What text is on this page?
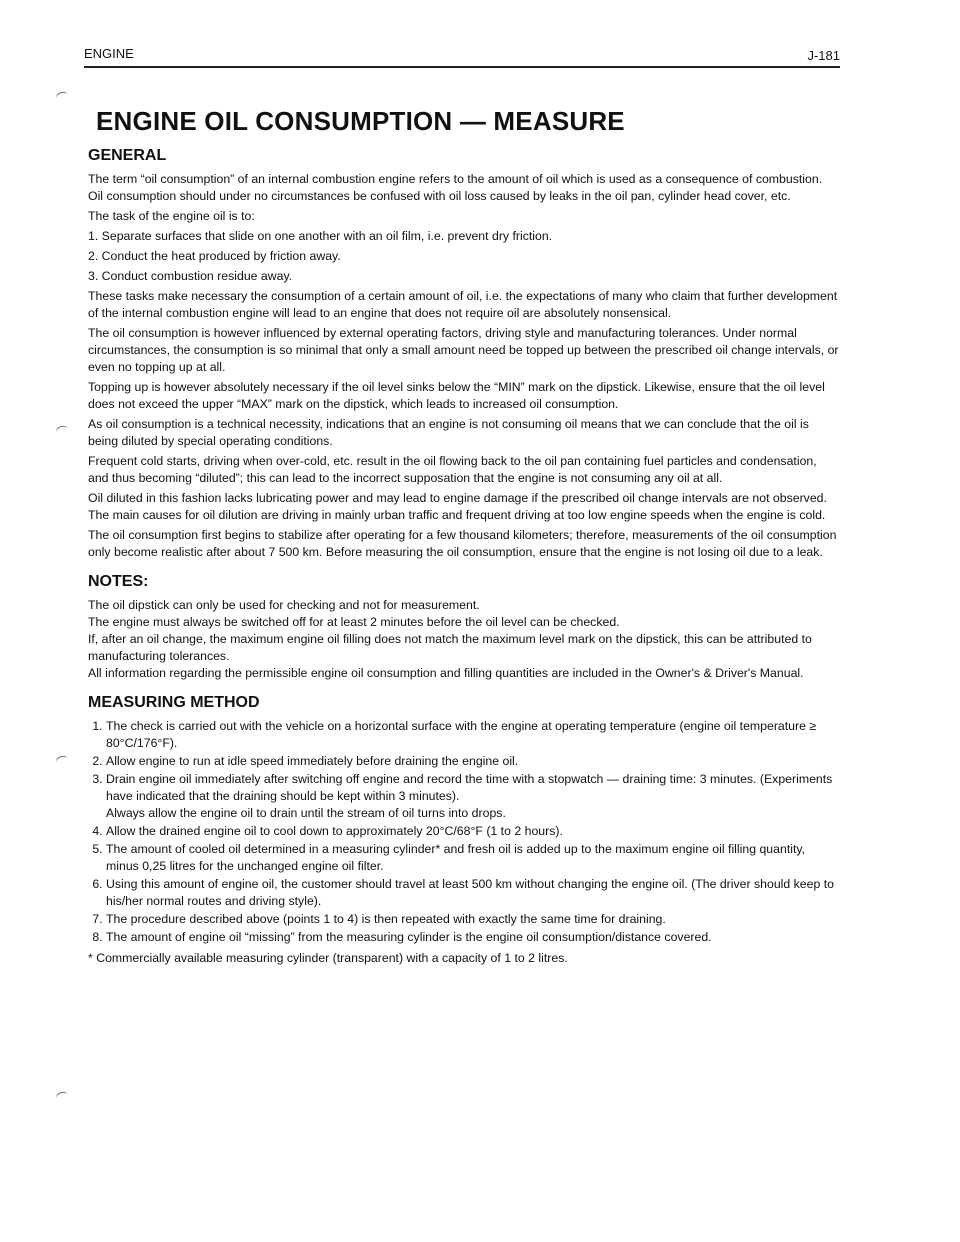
ENGINE	J-181
ENGINE OIL CONSUMPTION — MEASURE
GENERAL

The term “oil consumption” of an internal combustion engine refers to the amount of oil which is used as a consequence of combustion. Oil consumption should under no circumstances be confused with oil loss caused by leaks in the oil pan, cylinder head cover, etc.

The task of the engine oil is to:

1. Separate surfaces that slide on one another with an oil film, i.e. prevent dry friction.

2. Conduct the heat produced by friction away.

3. Conduct combustion residue away.

These tasks make necessary the consumption of a certain amount of oil, i.e. the expectations of many who claim that further development of the internal combustion engine will lead to an engine that does not require oil are absolutely nonsensical.

The oil consumption is however influenced by external operating factors, driving style and manufacturing tolerances. Under normal circumstances, the consumption is so minimal that only a small amount need be topped up between the prescribed oil change intervals, or even no topping up at all.

Topping up is however absolutely necessary if the oil level sinks below the “MIN” mark on the dipstick. Likewise, ensure that the oil level does not exceed the upper “MAX” mark on the dipstick, which leads to increased oil consumption.

As oil consumption is a technical necessity, indications that an engine is not consuming oil means that we can conclude that the oil is being diluted by special operating conditions.

Frequent cold starts, driving when over-cold, etc. result in the oil flowing back to the oil pan containing fuel particles and condensation, and thus becoming “diluted”; this can lead to the incorrect supposation that the engine is not consuming any oil at all.

Oil diluted in this fashion lacks lubricating power and may lead to engine damage if the prescribed oil change intervals are not observed. The main causes for oil dilution are driving in mainly urban traffic and frequent driving at too low engine speeds when the engine is cold.

The oil consumption first begins to stabilize after operating for a few thousand kilometers; therefore, measurements of the oil consumption only become realistic after about 7 500 km. Before measuring the oil consumption, ensure that the engine is not losing oil due to a leak.

NOTES:

The oil dipstick can only be used for checking and not for measurement.

The engine must always be switched off for at least 2 minutes before the oil level can be checked.

If, after an oil change, the maximum engine oil filling does not match the maximum level mark on the dipstick, this can be attributed to manufacturing tolerances.

All information regarding the permissible engine oil consumption and filling quantities are included in the Owner's & Driver's Manual.

MEASURING METHOD
1. The check is carried out with the vehicle on a horizontal surface with the engine at operating temperature (engine oil temperature ≥ 80°C/176°F).
2. Allow engine to run at idle speed immediately before draining the engine oil.
3. Drain engine oil immediately after switching off engine and record the time with a stopwatch — draining time: 3 minutes. (Experiments have indicated that the draining should be kept within 3 minutes).
Always allow the engine oil to drain until the stream of oil turns into drops.
4. Allow the drained engine oil to cool down to approximately 20°C/68°F (1 to 2 hours).
5. The amount of cooled oil determined in a measuring cylinder* and fresh oil is added up to the maximum engine oil filling quantity, minus 0,25 litres for the unchanged engine oil filter.
6. Using this amount of engine oil, the customer should travel at least 500 km without changing the engine oil. (The driver should keep to his/her normal routes and driving style).
7. The procedure described above (points 1 to 4) is then repeated with exactly the same time for draining.
8. The amount of engine oil “missing” from the measuring cylinder is the engine oil consumption/distance covered.

* Commercially available measuring cylinder (transparent) with a capacity of 1 to 2 litres.
